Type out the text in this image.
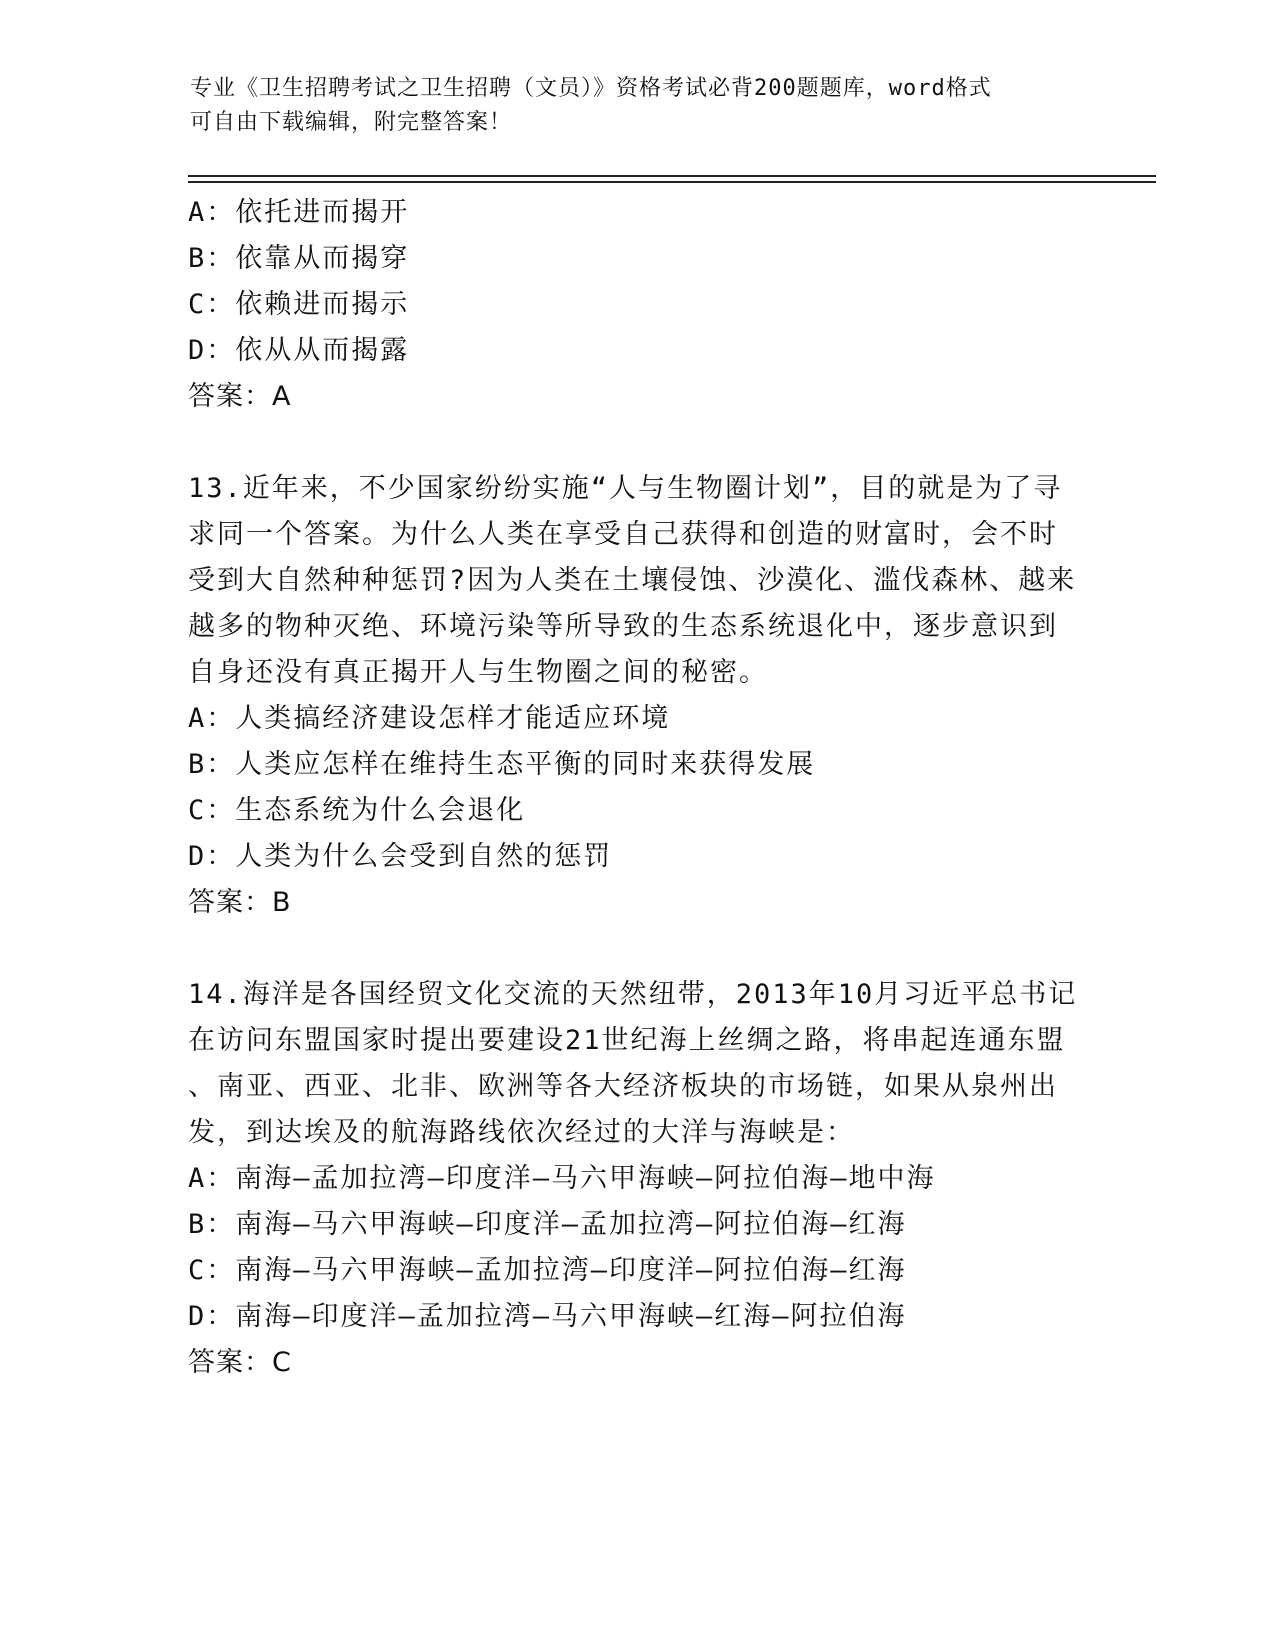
专业《卫生招聘考试之卫生招聘（文员）》资格考试必背200题题库，word格式
可自由下载编辑，附完整答案！
A：依托进而揭开
B：依靠从而揭穿
C：依赖进而揭示
D：依从从而揭露
答案：A
13.近年来，不少国家纷纷实施“人与生物圈计划”，目的就是为了寻
求同一个答案。为什么人类在享受自己获得和创造的财富时，会不时
受到大自然种种惩罚?因为人类在土壤侵蚀、沙漠化、滥伐森林、越来
越多的物种灭绝、环境污染等所导致的生态系统退化中，逐步意识到
自身还没有真正揭开人与生物圈之间的秘密。
A：人类搞经济建设怎样才能适应环境
B：人类应怎样在维持生态平衡的同时来获得发展
C：生态系统为什么会退化
D：人类为什么会受到自然的惩罚
答案：B
14.海洋是各国经贸文化交流的天然纽带，2013年10月习近平总书记
在访问东盟国家时提出要建设21世纪海上丝绸之路，将串起连通东盟
、南亚、西亚、北非、欧洲等各大经济板块的市场链，如果从泉州出
发，到达埃及的航海路线依次经过的大洋与海峡是：
A：南海—孟加拉湾—印度洋—马六甲海峡—阿拉伯海—地中海
B：南海—马六甲海峡—印度洋—孟加拉湾—阿拉伯海—红海
C：南海—马六甲海峡—孟加拉湾—印度洋—阿拉伯海—红海
D：南海—印度洋—孟加拉湾—马六甲海峡—红海—阿拉伯海
答案：C
